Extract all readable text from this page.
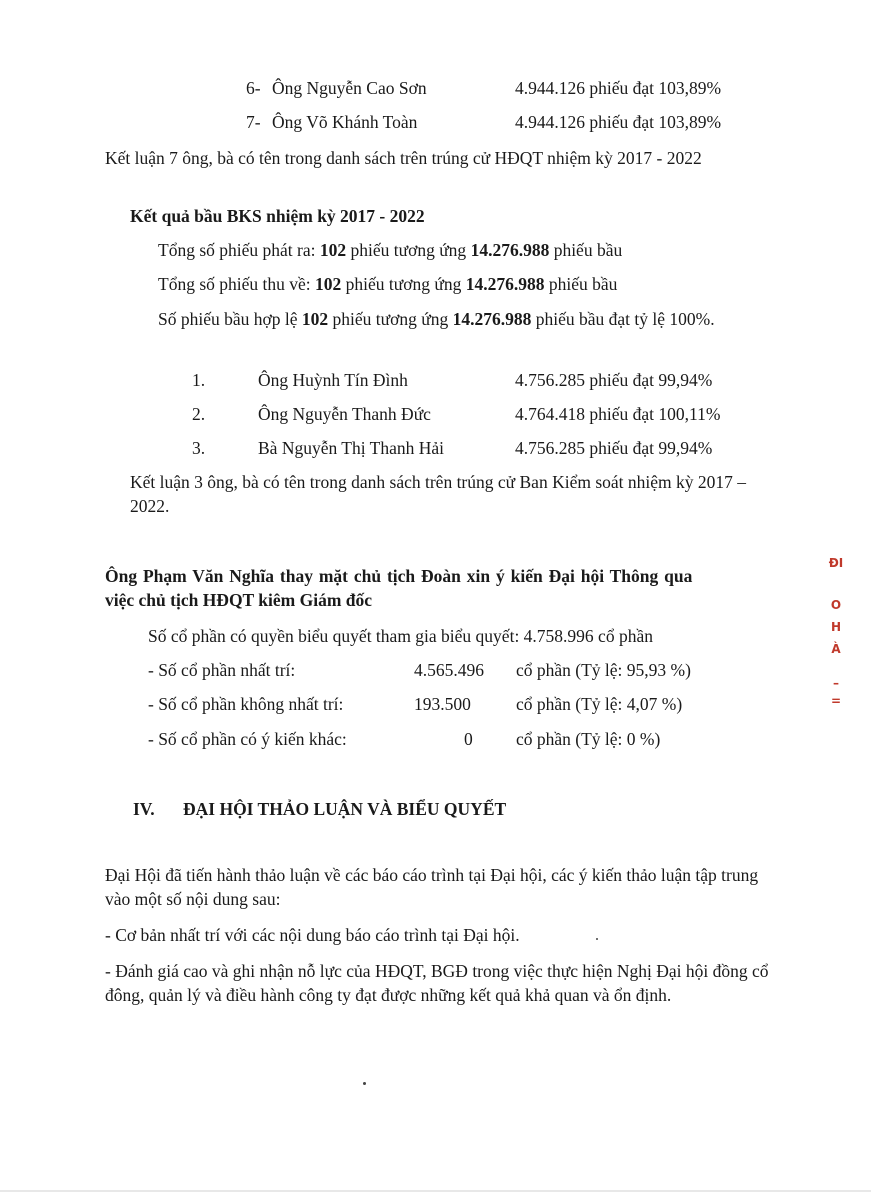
6- Ông Nguyễn Cao Sơn	4.944.126 phiếu đạt 103,89%
7- Ông Võ Khánh Toàn	4.944.126 phiếu đạt 103,89%
Kết luận 7 ông, bà có tên trong danh sách trên trúng cử HĐQT nhiệm kỳ 2017 - 2022
Kết quả bầu BKS nhiệm kỳ 2017 - 2022
Tổng số phiếu phát ra: 102 phiếu tương ứng 14.276.988 phiếu bầu
Tổng số phiếu thu về: 102 phiếu tương ứng 14.276.988 phiếu bầu
Số phiếu bầu hợp lệ 102 phiếu tương ứng 14.276.988 phiếu bầu đạt tỷ lệ 100%.
1.	Ông Huỳnh Tín Đình	4.756.285 phiếu đạt 99,94%
2.	Ông Nguyễn Thanh Đức	4.764.418 phiếu đạt 100,11%
3.	Bà Nguyễn Thị Thanh Hải	4.756.285 phiếu đạt 99,94%
Kết luận 3 ông, bà có tên trong danh sách trên trúng cử Ban Kiểm soát nhiệm kỳ 2017 – 2022.
Ông Phạm Văn Nghĩa thay mặt chủ tịch Đoàn xin ý kiến Đại hội Thông qua
việc chủ tịch HĐQT kiêm Giám đốc
Số cổ phần có quyền biểu quyết tham gia biểu quyết: 4.758.996 cổ phần
- Số cổ phần nhất trí:	4.565.496 cổ phần (Tỷ lệ: 95,93 %)
- Số cổ phần không nhất trí:	193.500	cổ phần (Tỷ lệ: 4,07 %)
- Số cổ phần có ý kiến khác:	0 cổ phần (Tỷ lệ: 0 %)
IV. ĐẠI HỘI THẢO LUẬN VÀ BIỂU QUYẾT
Đại Hội đã tiến hành thảo luận về các báo cáo trình tại Đại hội, các ý kiến thảo luận tập trung vào một số nội dung sau:
- Cơ bản nhất trí với các nội dung báo cáo trình tại Đại hội.
- Đánh giá cao và ghi nhận nỗ lực của HĐQT, BGĐ trong việc thực hiện Nghị Đại hội đồng cổ đông, quản lý và điều hành công ty đạt được những kết quả khả quan và ổn định.
ĐI
O
H
À
–
=
